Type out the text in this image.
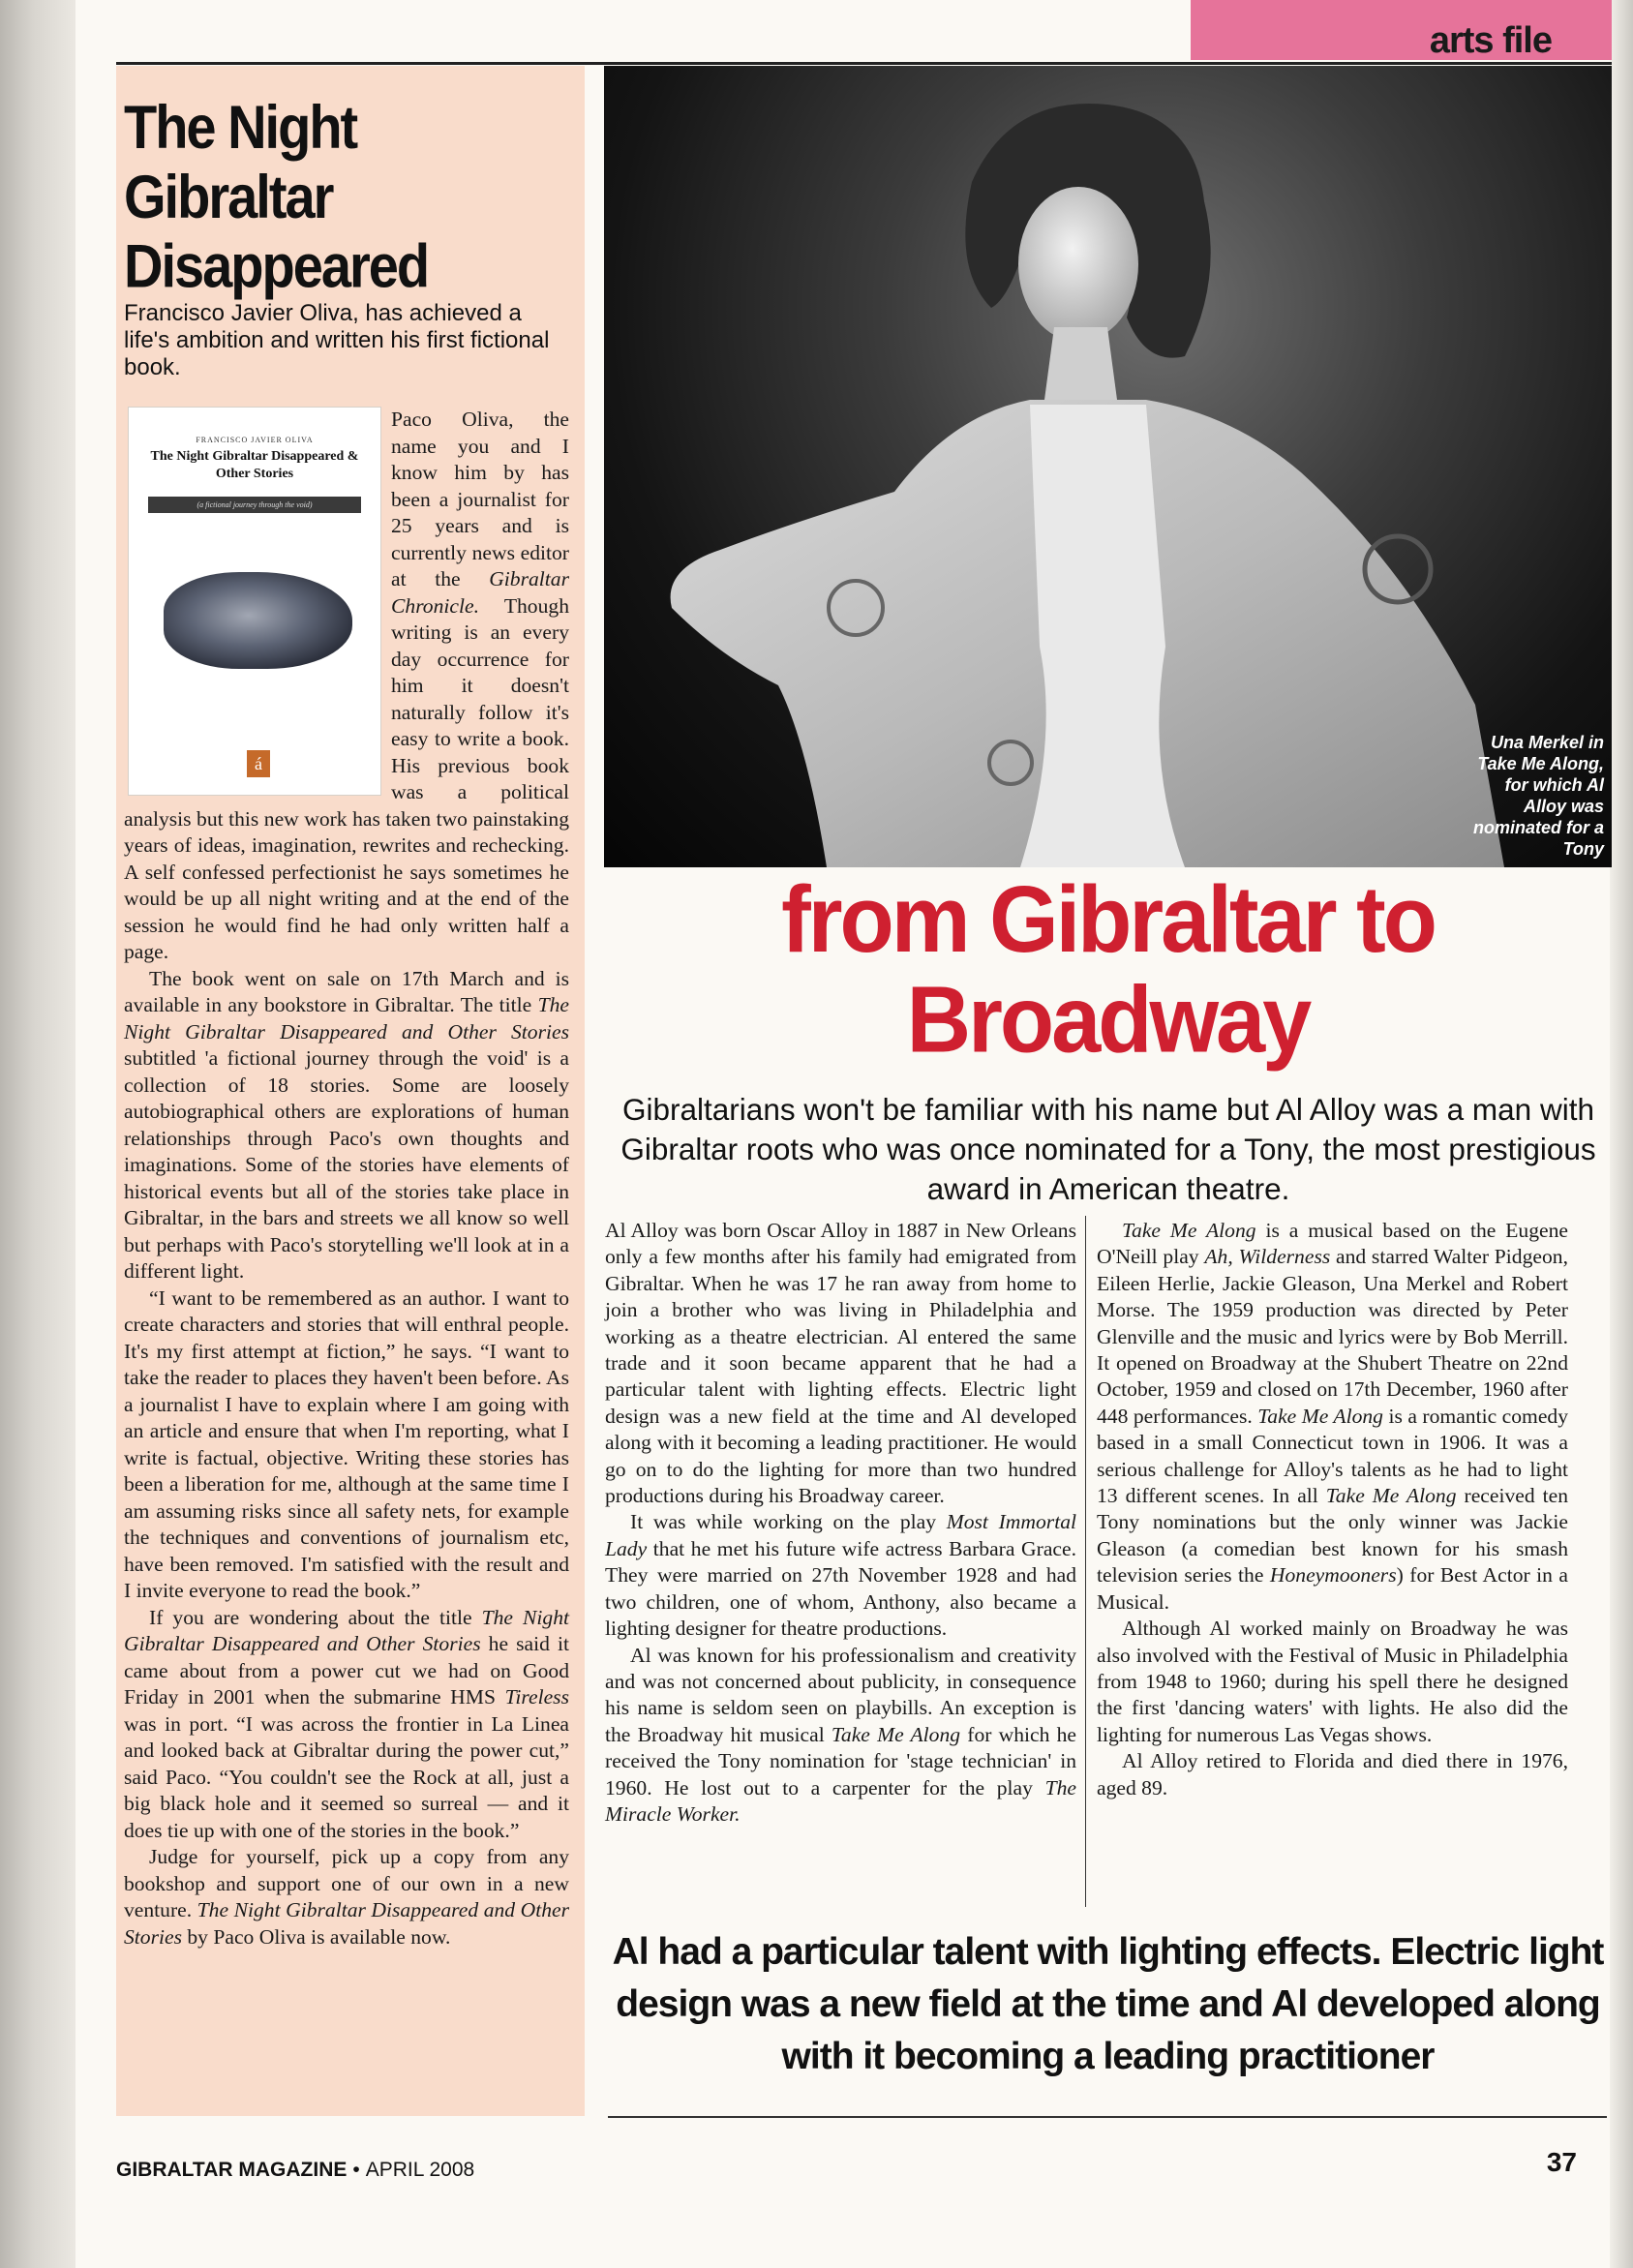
arts file
The Night Gibraltar Disappeared

Francisco Javier Oliva, has achieved a life's ambition and written his first fictional book.

FRANCISCO JAVIER OLIVA
The Night Gibraltar Disappeared & Other Stories
(a fictional journey through the void)
á

Paco Oliva, the name you and I know him by has been a journalist for 25 years and is currently news editor at the Gibraltar Chronicle. Though writing is an every day occurrence for him it doesn't naturally follow it's easy to write a book. His previous book was a political analysis but this new work has taken two painstaking years of ideas, imagination, rewrites and rechecking. A self confessed perfectionist he says sometimes he would be up all night writing and at the end of the session he would find he had only written half a page.

The book went on sale on 17th March and is available in any bookstore in Gibraltar. The title The Night Gibraltar Disappeared and Other Stories subtitled 'a fictional journey through the void' is a collection of 18 stories. Some are loosely autobiographical others are explorations of human relationships through Paco's own thoughts and imaginations. Some of the stories have elements of historical events but all of the stories take place in Gibraltar, in the bars and streets we all know so well but perhaps with Paco's storytelling we'll look at in a different light.

“I want to be remembered as an author. I want to create characters and stories that will enthral people. It's my first attempt at fiction,” he says. “I want to take the reader to places they haven't been before. As a journalist I have to explain where I am going with an article and ensure that when I'm reporting, what I write is factual, objective. Writing these stories has been a liberation for me, although at the same time I am assuming risks since all safety nets, for example the techniques and conventions of journalism etc, have been removed. I'm satisfied with the result and I invite everyone to read the book.”

If you are wondering about the title The Night Gibraltar Disappeared and Other Stories he said it came about from a power cut we had on Good Friday in 2001 when the submarine HMS Tireless was in port. “I was across the frontier in La Linea and looked back at Gibraltar during the power cut,” said Paco. “You couldn't see the Rock at all, just a big black hole and it seemed so surreal — and it does tie up with one of the stories in the book.”

Judge for yourself, pick up a copy from any bookshop and support one of our own in a new venture. The Night Gibraltar Disappeared and Other Stories by Paco Oliva is available now.

Una Merkel in Take Me Along, for which Al Alloy was nominated for a Tony
from Gibraltar to
Broadway
Gibraltarians won't be familiar with his name but Al Alloy was a man with Gibraltar roots who was once nominated for a Tony, the most prestigious award in American theatre.

Al Alloy was born Oscar Alloy in 1887 in New Orleans only a few months after his family had emigrated from Gibraltar. When he was 17 he ran away from home to join a brother who was living in Philadelphia and working as a theatre electrician. Al entered the same trade and it soon became apparent that he had a particular talent with lighting effects. Electric light design was a new field at the time and Al developed along with it becoming a leading practitioner. He would go on to do the lighting for more than two hundred productions during his Broadway career.

It was while working on the play Most Immortal Lady that he met his future wife actress Barbara Grace. They were married on 27th November 1928 and had two children, one of whom, Anthony, also became a lighting designer for theatre productions.

Al was known for his professionalism and creativity and was not concerned about publicity, in consequence his name is seldom seen on playbills. An exception is the Broadway hit musical Take Me Along for which he received the Tony nomination for 'stage technician' in 1960. He lost out to a carpenter for the play The Miracle Worker.

Take Me Along is a musical based on the Eugene O'Neill play Ah, Wilderness and starred Walter Pidgeon, Eileen Herlie, Jackie Gleason, Una Merkel and Robert Morse. The 1959 production was directed by Peter Glenville and the music and lyrics were by Bob Merrill. It opened on Broadway at the Shubert Theatre on 22nd October, 1959 and closed on 17th December, 1960 after 448 performances. Take Me Along is a romantic comedy based in a small Connecticut town in 1906. It was a serious challenge for Alloy's talents as he had to light 13 different scenes. In all Take Me Along received ten Tony nominations but the only winner was Jackie Gleason (a comedian best known for his smash television series the Honeymooners) for Best Actor in a Musical.

Although Al worked mainly on Broadway he was also involved with the Festival of Music in Philadelphia from 1948 to 1960; during his spell there he designed the first 'dancing waters' with lights. He also did the lighting for numerous Las Vegas shows.

Al Alloy retired to Florida and died there in 1976, aged 89.

Al had a particular talent with lighting effects. Electric light design was a new field at the time and Al developed along with it becoming a leading practitioner
GIBRALTAR MAGAZINE • APRIL 2008	37
